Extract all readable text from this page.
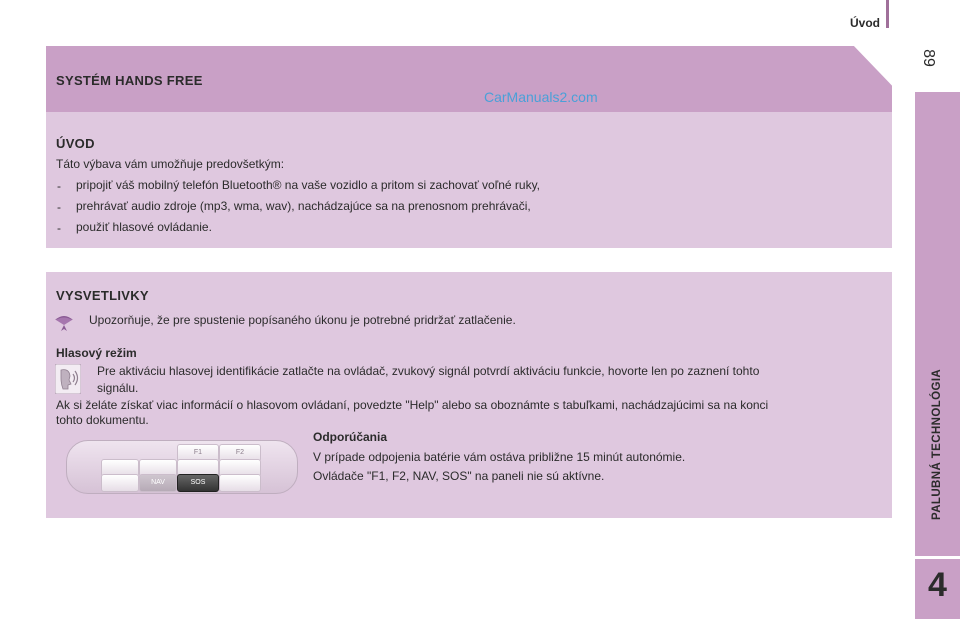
Úvod
89
PALUBNÁ TECHNOLÓGIA
4
SYSTÉM HANDS FREE
CarManuals2.com
ÚVOD
Táto výbava vám umožňuje predovšetkým:
- pripojiť váš mobilný telefón Bluetooth® na vaše vozidlo a pritom si zachovať voľné ruky,
- prehrávať audio zdroje (mp3, wma, wav), nachádzajúce sa na prenosnom prehrávači,
- použiť hlasové ovládanie.
VYSVETLIVKY
Upozorňuje, že pre spustenie popísaného úkonu je potrebné pridržať zatlačenie.
Hlasový režim
Pre aktiváciu hlasovej identifikácie zatlačte na ovládač, zvukový signál potvrdí aktiváciu funkcie, hovorte len po zaznení tohto
signálu.
Ak si želáte získať viac informácií o hlasovom ovládaní, povedzte "Help" alebo sa oboznámte s tabuľkami, nachádzajúcimi sa na konci
tohto dokumentu.
F1	F2
NAV	SOS
Odporúčania
V prípade odpojenia batérie vám ostáva približne 15 minút autonómie.
Ovládače "F1, F2, NAV, SOS" na paneli nie sú aktívne.
